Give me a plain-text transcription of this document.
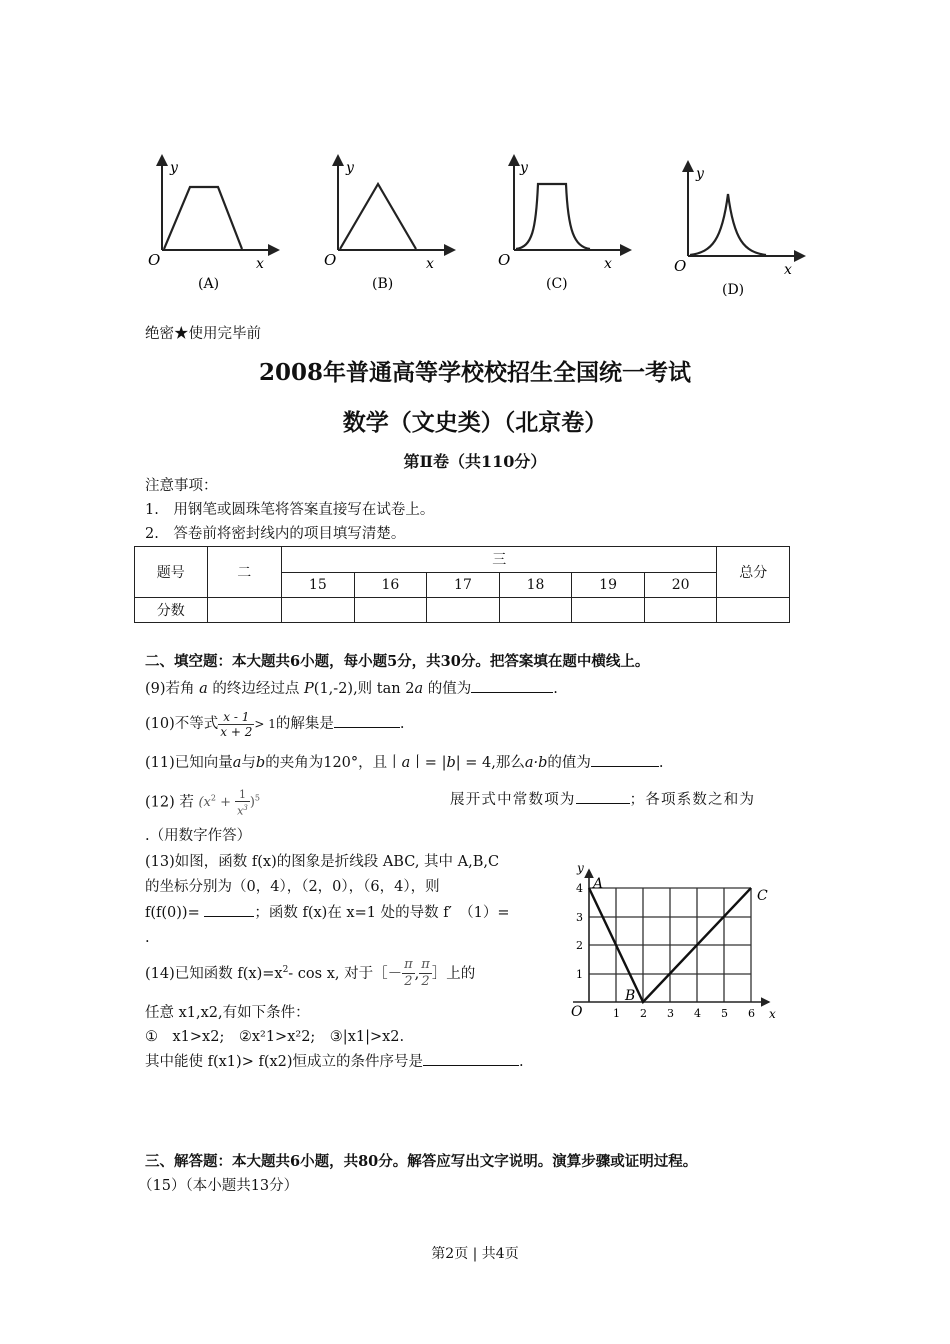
y
O	x
(A)
y
O	x
(B)
y
O	x
(C)
y
O	x
(D)
绝密★使用完毕前
2008年普通高等学校校招生全国统一考试
数学（文史类）（北京卷）
第Ⅱ卷（共110分）
注意事项：
1.　用钢笔或圆珠笔将答案直接写在试卷上。
2.　答卷前将密封线内的项目填写清楚。
题号	二	三						总分
		15	16	17	18	19	20	
分数								
二、填空题：本大题共6小题，每小题5分，共30分。把答案填在题中横线上。
(9)若角 a 的终边经过点 P(1,-2),则 tan 2a 的值为	.
(10)不等式 $\frac{x - 1}{x + 2} > 1$的解集是	.
(11)已知向量a与b的夹角为120°，且丨a丨= |b| = 4,那么a·b的值为	.
(12) 若 $(x^2 + \frac{1}{x^3} )^5$	展开式中常数项为	；各项系数之和为
.（用数字作答）
(13)如图，函数 f(x)的图象是折线段 ABC, 其中 A,B,C
的坐标分别为（0，4），（2，0），（6，4），则
f(f(0))=	；函数 f(x)在 x=1 处的导数 f′　（1）=
.
(14)已知函数 $f(x)=x^2-$ cos x, 对于［－ $\frac{\pi}{2}$ , $\frac{\pi}{2}$ ］上的
任意 x1,x2,有如下条件：
①　x1>x2;　②x²1>x²2;　③|x1|>x2.
其中能使 f(x1)> f(x2)恒成立的条件序号是	.
y
x
O	1 2 3 4 5 6
1
2
3
4 A
B
C
三、解答题：本大题共6小题，共80分。解答应写出文字说明。演算步骤或证明过程。
（15）（本小题共13分）
第2页 | 共4页
